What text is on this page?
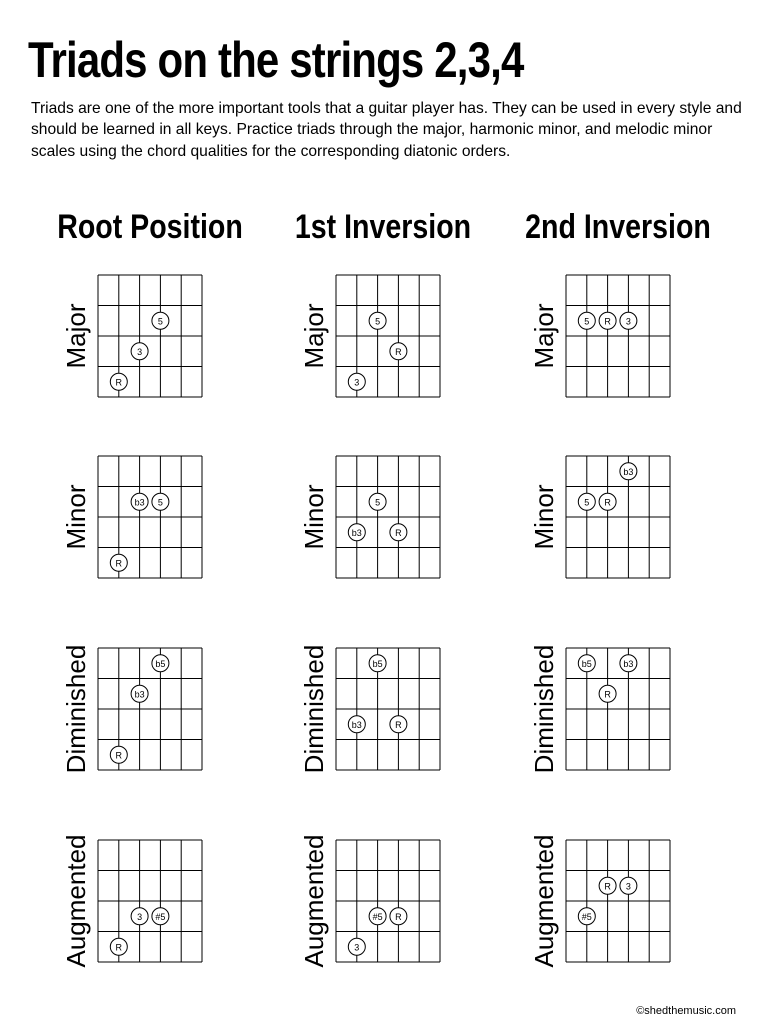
Triads on the strings 2,3,4

Triads are one of the more important tools that a guitar player has. They can be used in every style and should be learned in all keys. Practice triads through the major, harmonic minor, and melodic minor scales using the chord qualities for the corresponding diatonic orders.

Root Position	1st Inversion	2nd Inversion
Major	Major	Major
Minor	Minor	Minor
Diminished	Diminished	Diminished
Augmented	Augmented	Augmented
5
3
R
5
R
3
5 R 3
b3 5
R
5
b3	R
b3
5 R
b5
b3
R
b5
b3	R
b5	b3
R
3 #5
R
#5 R
3
R 3
#5
©shedthemusic.com
